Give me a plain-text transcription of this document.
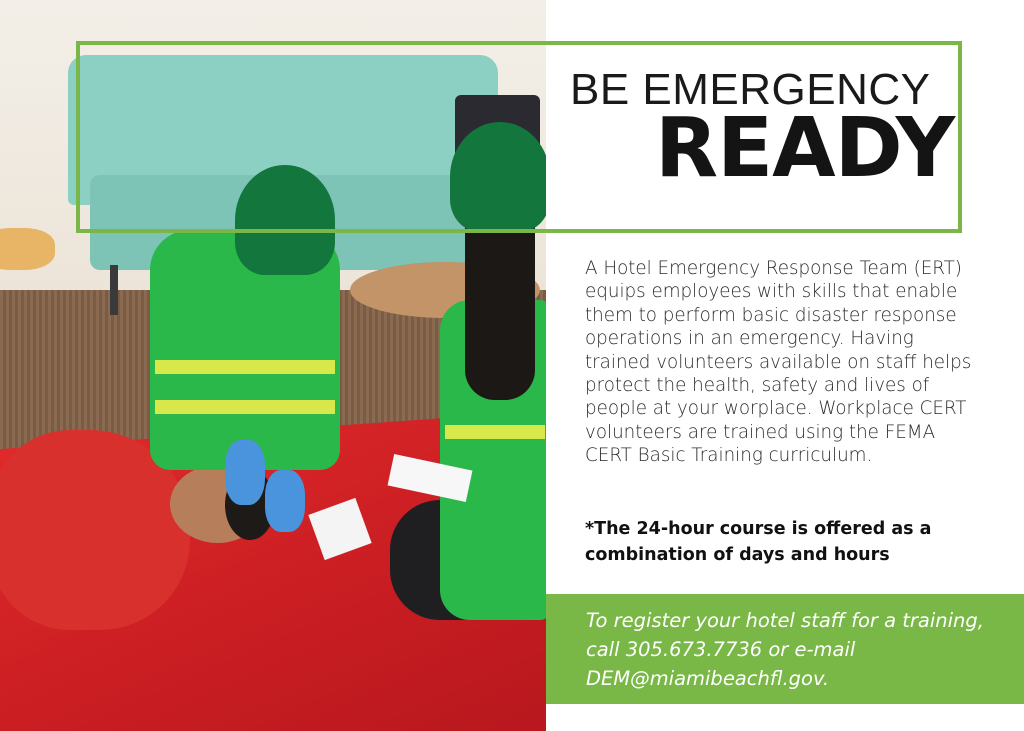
BE EMERGENCY
READY

A Hotel Emergency Response Team (ERT) equips employees with skills that enable them to perform basic disaster response operations in an emergency. Having trained volunteers available on staff helps protect the health, safety and lives of people at your worplace. Workplace CERT volunteers are trained using the FEMA CERT Basic Training curriculum.

*The 24-hour course is offered as a combination of days and hours

To register your hotel staff for a training, call 305.673.7736 or e-mail DEM@miamibeachfl.gov.
